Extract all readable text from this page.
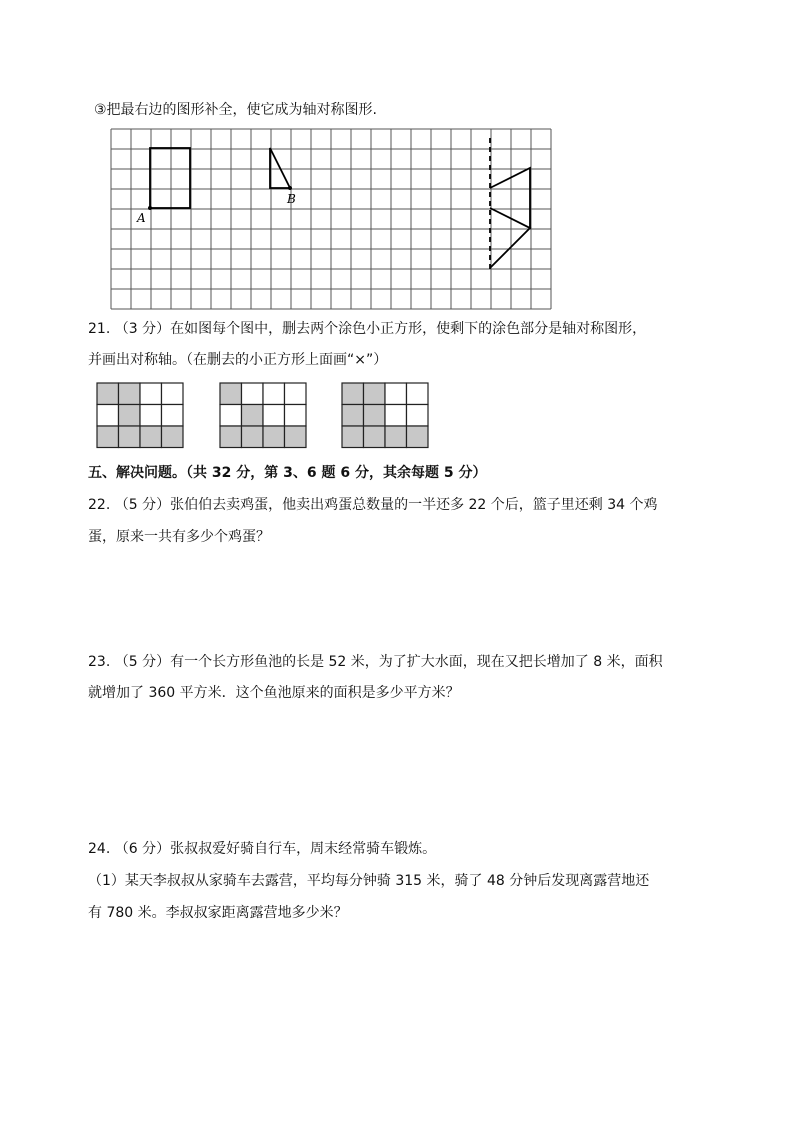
③把最右边的图形补全，使它成为轴对称图形.
A
B
21. （3 分）在如图每个图中，删去两个涂色小正方形，使剩下的涂色部分是轴对称图形，
并画出对称轴。（在删去的小正方形上面画“×”）
五、解决问题。（共 32 分，第 3、6 题 6 分，其余每题 5 分）
22. （5 分）张伯伯去卖鸡蛋，他卖出鸡蛋总数量的一半还多 22 个后，篮子里还剩 34 个鸡
蛋，原来一共有多少个鸡蛋？
23. （5 分）有一个长方形鱼池的长是 52 米，为了扩大水面，现在又把长增加了 8 米，面积
就增加了 360 平方米．这个鱼池原来的面积是多少平方米？
24. （6 分）张叔叔爱好骑自行车，周末经常骑车锻炼。
（1）某天李叔叔从家骑车去露营，平均每分钟骑 315 米，骑了 48 分钟后发现离露营地还
有 780 米。李叔叔家距离露营地多少米？
